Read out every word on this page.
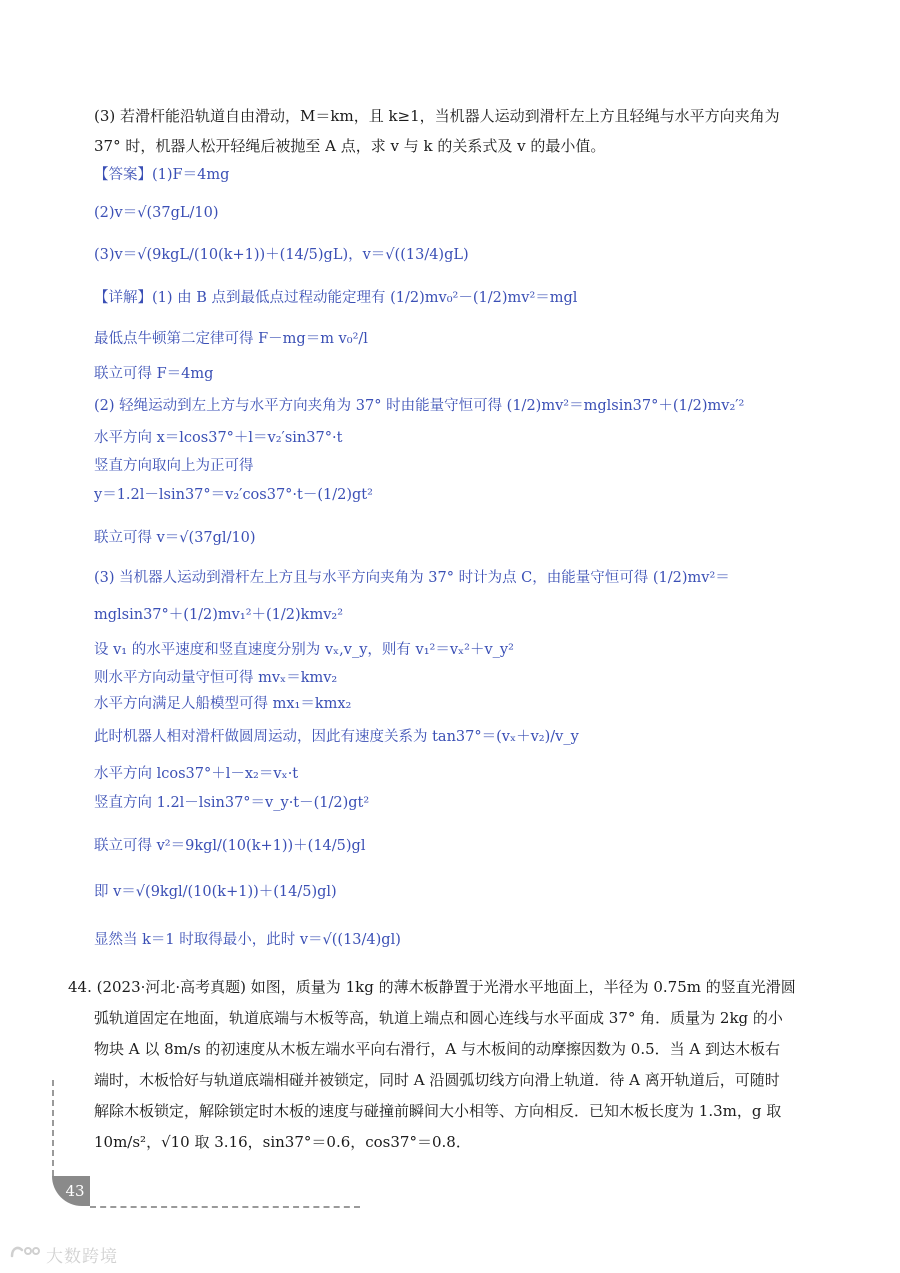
(3) 若滑杆能沿轨道自由滑动，M＝km，且 k≥1，当机器人运动到滑杆左上方且轻绳与水平方向夹角为
37° 时，机器人松开轻绳后被抛至 A 点，求 v 与 k 的关系式及 v 的最小值。
【答案】(1)F＝4mg
(2)v＝√(37gL/10)
(3)v＝√(9kgL/(10(k+1))＋(14/5)gL)，v＝√((13/4)gL)
【详解】(1) 由 B 点到最低点过程动能定理有 (1/2)mv₀²－(1/2)mv²＝mgl
最低点牛顿第二定律可得 F－mg＝m v₀²/l
联立可得 F＝4mg
(2) 轻绳运动到左上方与水平方向夹角为 37° 时由能量守恒可得 (1/2)mv²＝mglsin37°＋(1/2)mv₂′²
水平方向 x＝lcos37°＋l＝v₂′sin37°·t
竖直方向取向上为正可得
y＝1.2l－lsin37°＝v₂′cos37°·t－(1/2)gt²
联立可得 v＝√(37gl/10)
(3) 当机器人运动到滑杆左上方且与水平方向夹角为 37° 时计为点 C，由能量守恒可得 (1/2)mv²＝
mglsin37°＋(1/2)mv₁²＋(1/2)kmv₂²
设 v₁ 的水平速度和竖直速度分别为 vₓ,v_y，则有 v₁²＝vₓ²＋v_y²
则水平方向动量守恒可得 mvₓ＝kmv₂
水平方向满足人船模型可得 mx₁＝kmx₂
此时机器人相对滑杆做圆周运动，因此有速度关系为 tan37°＝(vₓ＋v₂)/v_y
水平方向 lcos37°＋l－x₂＝vₓ·t
竖直方向 1.2l－lsin37°＝v_y·t－(1/2)gt²
联立可得 v²＝9kgl/(10(k+1))＋(14/5)gl
即 v＝√(9kgl/(10(k+1))＋(14/5)gl)
显然当 k＝1 时取得最小，此时 v＝√((13/4)gl)
44. (2023·河北·高考真题) 如图，质量为 1kg 的薄木板静置于光滑水平地面上，半径为 0.75m 的竖直光滑圆
弧轨道固定在地面，轨道底端与木板等高，轨道上端点和圆心连线与水平面成 37° 角．质量为 2kg 的小
物块 A 以 8m/s 的初速度从木板左端水平向右滑行，A 与木板间的动摩擦因数为 0.5．当 A 到达木板右
端时，木板恰好与轨道底端相碰并被锁定，同时 A 沿圆弧切线方向滑上轨道．待 A 离开轨道后，可随时
解除木板锁定，解除锁定时木板的速度与碰撞前瞬间大小相等、方向相反．已知木板长度为 1.3m，g 取
10m/s²，√10 取 3.16，sin37°＝0.6，cos37°＝0.8．
43
大数跨境
